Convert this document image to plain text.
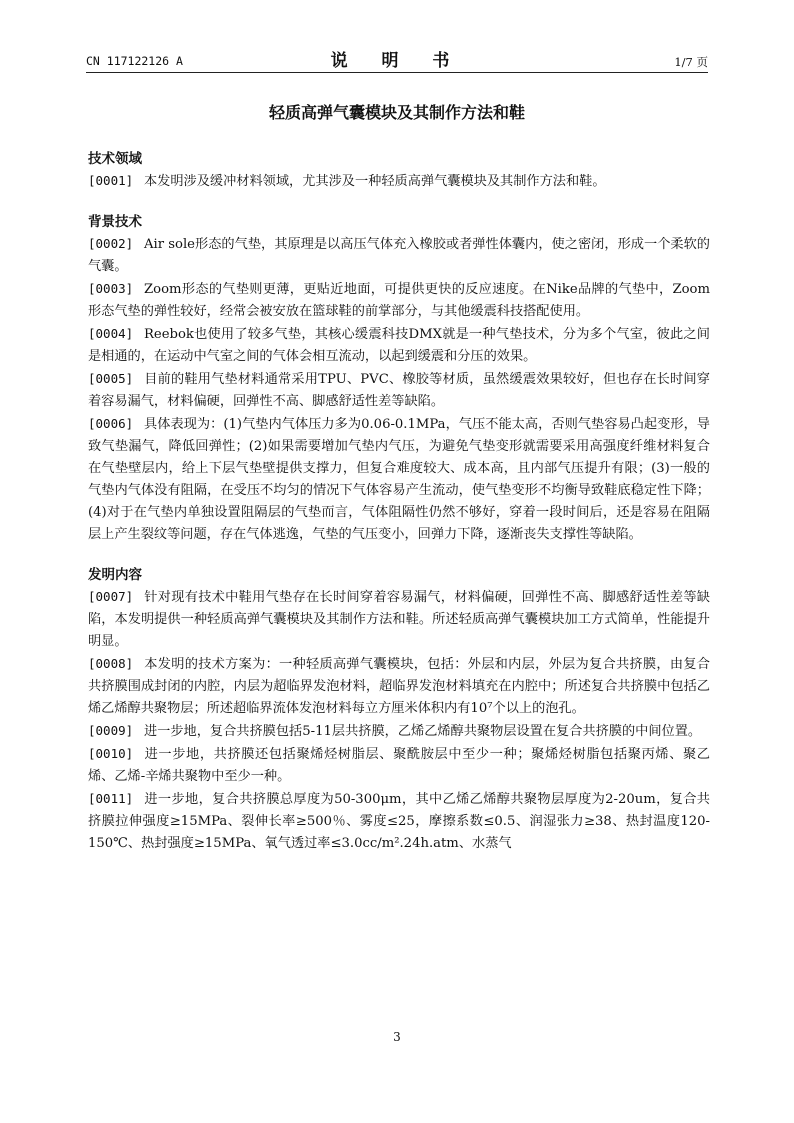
CN 117122126 A	说 明 书	1/7 页
轻质高弹气囊模块及其制作方法和鞋
技术领域
[0001] 本发明涉及缓冲材料领域，尤其涉及一种轻质高弹气囊模块及其制作方法和鞋。
背景技术
[0002] Air sole形态的气垫，其原理是以高压气体充入橡胶或者弹性体囊内，使之密闭，形成一个柔软的气囊。
[0003] Zoom形态的气垫则更薄，更贴近地面，可提供更快的反应速度。在Nike品牌的气垫中，Zoom形态气垫的弹性较好，经常会被安放在篮球鞋的前掌部分，与其他缓震科技搭配使用。
[0004] Reebok也使用了较多气垫，其核心缓震科技DMX就是一种气垫技术，分为多个气室，彼此之间是相通的，在运动中气室之间的气体会相互流动，以起到缓震和分压的效果。
[0005] 目前的鞋用气垫材料通常采用TPU、PVC、橡胶等材质，虽然缓震效果较好，但也存在长时间穿着容易漏气，材料偏硬，回弹性不高、脚感舒适性差等缺陷。
[0006] 具体表现为：(1)气垫内气体压力多为0.06-0.1MPa，气压不能太高，否则气垫容易凸起变形，导致气垫漏气，降低回弹性；(2)如果需要增加气垫内气压，为避免气垫变形就需要采用高强度纤维材料复合在气垫壁层内，给上下层气垫壁提供支撑力，但复合难度较大、成本高，且内部气压提升有限；(3)一般的气垫内气体没有阻隔，在受压不均匀的情况下气体容易产生流动，使气垫变形不均衡导致鞋底稳定性下降；(4)对于在气垫内单独设置阻隔层的气垫而言，气体阻隔性仍然不够好，穿着一段时间后，还是容易在阻隔层上产生裂纹等问题，存在气体逃逸，气垫的气压变小，回弹力下降，逐渐丧失支撑性等缺陷。
发明内容
[0007] 针对现有技术中鞋用气垫存在长时间穿着容易漏气，材料偏硬，回弹性不高、脚感舒适性差等缺陷，本发明提供一种轻质高弹气囊模块及其制作方法和鞋。所述轻质高弹气囊模块加工方式简单，性能提升明显。
[0008] 本发明的技术方案为：一种轻质高弹气囊模块，包括：外层和内层，外层为复合共挤膜，由复合共挤膜围成封闭的内腔，内层为超临界发泡材料，超临界发泡材料填充在内腔中；所述复合共挤膜中包括乙烯乙烯醇共聚物层；所述超临界流体发泡材料每立方厘米体积内有10⁷个以上的泡孔。
[0009] 进一步地，复合共挤膜包括5-11层共挤膜，乙烯乙烯醇共聚物层设置在复合共挤膜的中间位置。
[0010] 进一步地，共挤膜还包括聚烯烃树脂层、聚酰胺层中至少一种；聚烯烃树脂包括聚丙烯、聚乙烯、乙烯-辛烯共聚物中至少一种。
[0011] 进一步地，复合共挤膜总厚度为50-300μm，其中乙烯乙烯醇共聚物层厚度为2-20um，复合共挤膜拉伸强度≥15MPa、裂伸长率≥500％、雾度≤25，摩擦系数≤0.5、润湿张力≥38、热封温度120-150℃、热封强度≥15MPa、氧气透过率≤3.0cc/m².24h.atm、水蒸气
3
